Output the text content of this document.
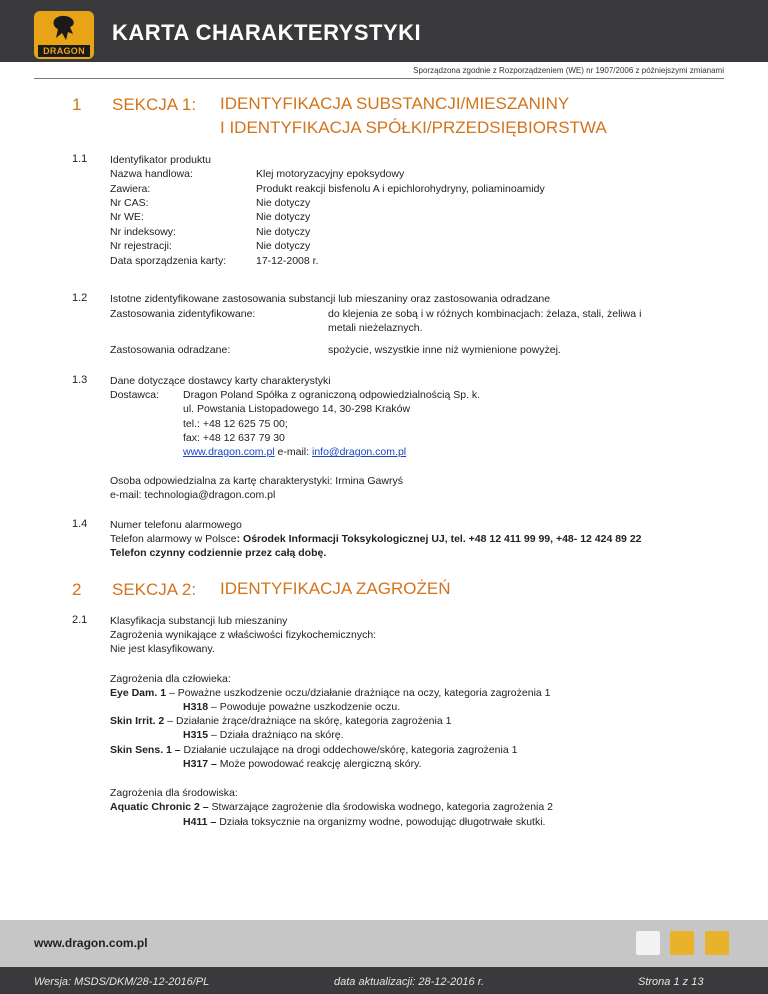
DRAGON
KARTA CHARAKTERYSTYKI
Sporządzona zgodnie z Rozporządzeniem (WE) nr 1907/2006 z późniejszymi zmianami
1 SEKCJA 1: IDENTYFIKACJA SUBSTANCJI/MIESZANINY
I IDENTYFIKACJA SPÓŁKI/PRZEDSIĘBIORSTWA
1.1 Identyfikator produktu
Nazwa handlowa:	Klej motoryzacyjny epoksydowy
Zawiera:	Produkt reakcji bisfenolu A i epichlorohydryny, poliaminoamidy
Nr CAS:	Nie dotyczy
Nr WE:	Nie dotyczy
Nr indeksowy:	Nie dotyczy
Nr rejestracji:	Nie dotyczy
Data sporządzenia karty:	17-12-2008 r.
1.2 Istotne zidentyfikowane zastosowania substancji lub mieszaniny oraz zastosowania odradzane
Zastosowania zidentyfikowane:	do klejenia ze sobą i w różnych kombinacjach: żelaza, stali, żeliwa i
metali nieżelaznych.
Zastosowania odradzane:	spożycie, wszystkie inne niż wymienione powyżej.
1.3 Dane dotyczące dostawcy karty charakterystyki
Dostawca: Dragon Poland Spółka z ograniczoną odpowiedzialnością Sp. k.
ul. Powstania Listopadowego 14, 30-298 Kraków
tel.: +48 12 625 75 00;
fax: +48 12 637 79 30
www.dragon.com.pl e-mail: info@dragon.com.pl
Osoba odpowiedzialna za kartę charakterystyki: Irmina Gawryś
e-mail: technologia@dragon.com.pl
1.4 Numer telefonu alarmowego
Telefon alarmowy w Polsce: Ośrodek Informacji Toksykologicznej UJ, tel. +48 12 411 99 99, +48- 12 424 89 22
Telefon czynny codziennie przez całą dobę.
2 SEKCJA 2: IDENTYFIKACJA ZAGROŻEŃ
2.1 Klasyfikacja substancji lub mieszaniny
Zagrożenia wynikające z właściwości fizykochemicznych:
Nie jest klasyfikowany.
Zagrożenia dla człowieka:
Eye Dam. 1 – Poważne uszkodzenie oczu/działanie drażniące na oczy, kategoria zagrożenia 1
H318 – Powoduje poważne uszkodzenie oczu.
Skin Irrit. 2 – Działanie żrące/drażniące na skórę, kategoria zagrożenia 1
H315 – Działa drażniąco na skórę.
Skin Sens. 1 – Działanie uczulające na drogi oddechowe/skórę, kategoria zagrożenia 1
H317 – Może powodować reakcję alergiczną skóry.
Zagrożenia dla środowiska:
Aquatic Chronic 2 – Stwarzające zagrożenie dla środowiska wodnego, kategoria zagrożenia 2
H411 – Działa toksycznie na organizmy wodne, powodując długotrwałe skutki.
www.dragon.com.pl
Wersja: MSDS/DKM/28-12-2016/PL	data aktualizacji: 28-12-2016 r.	Strona 1 z 13
